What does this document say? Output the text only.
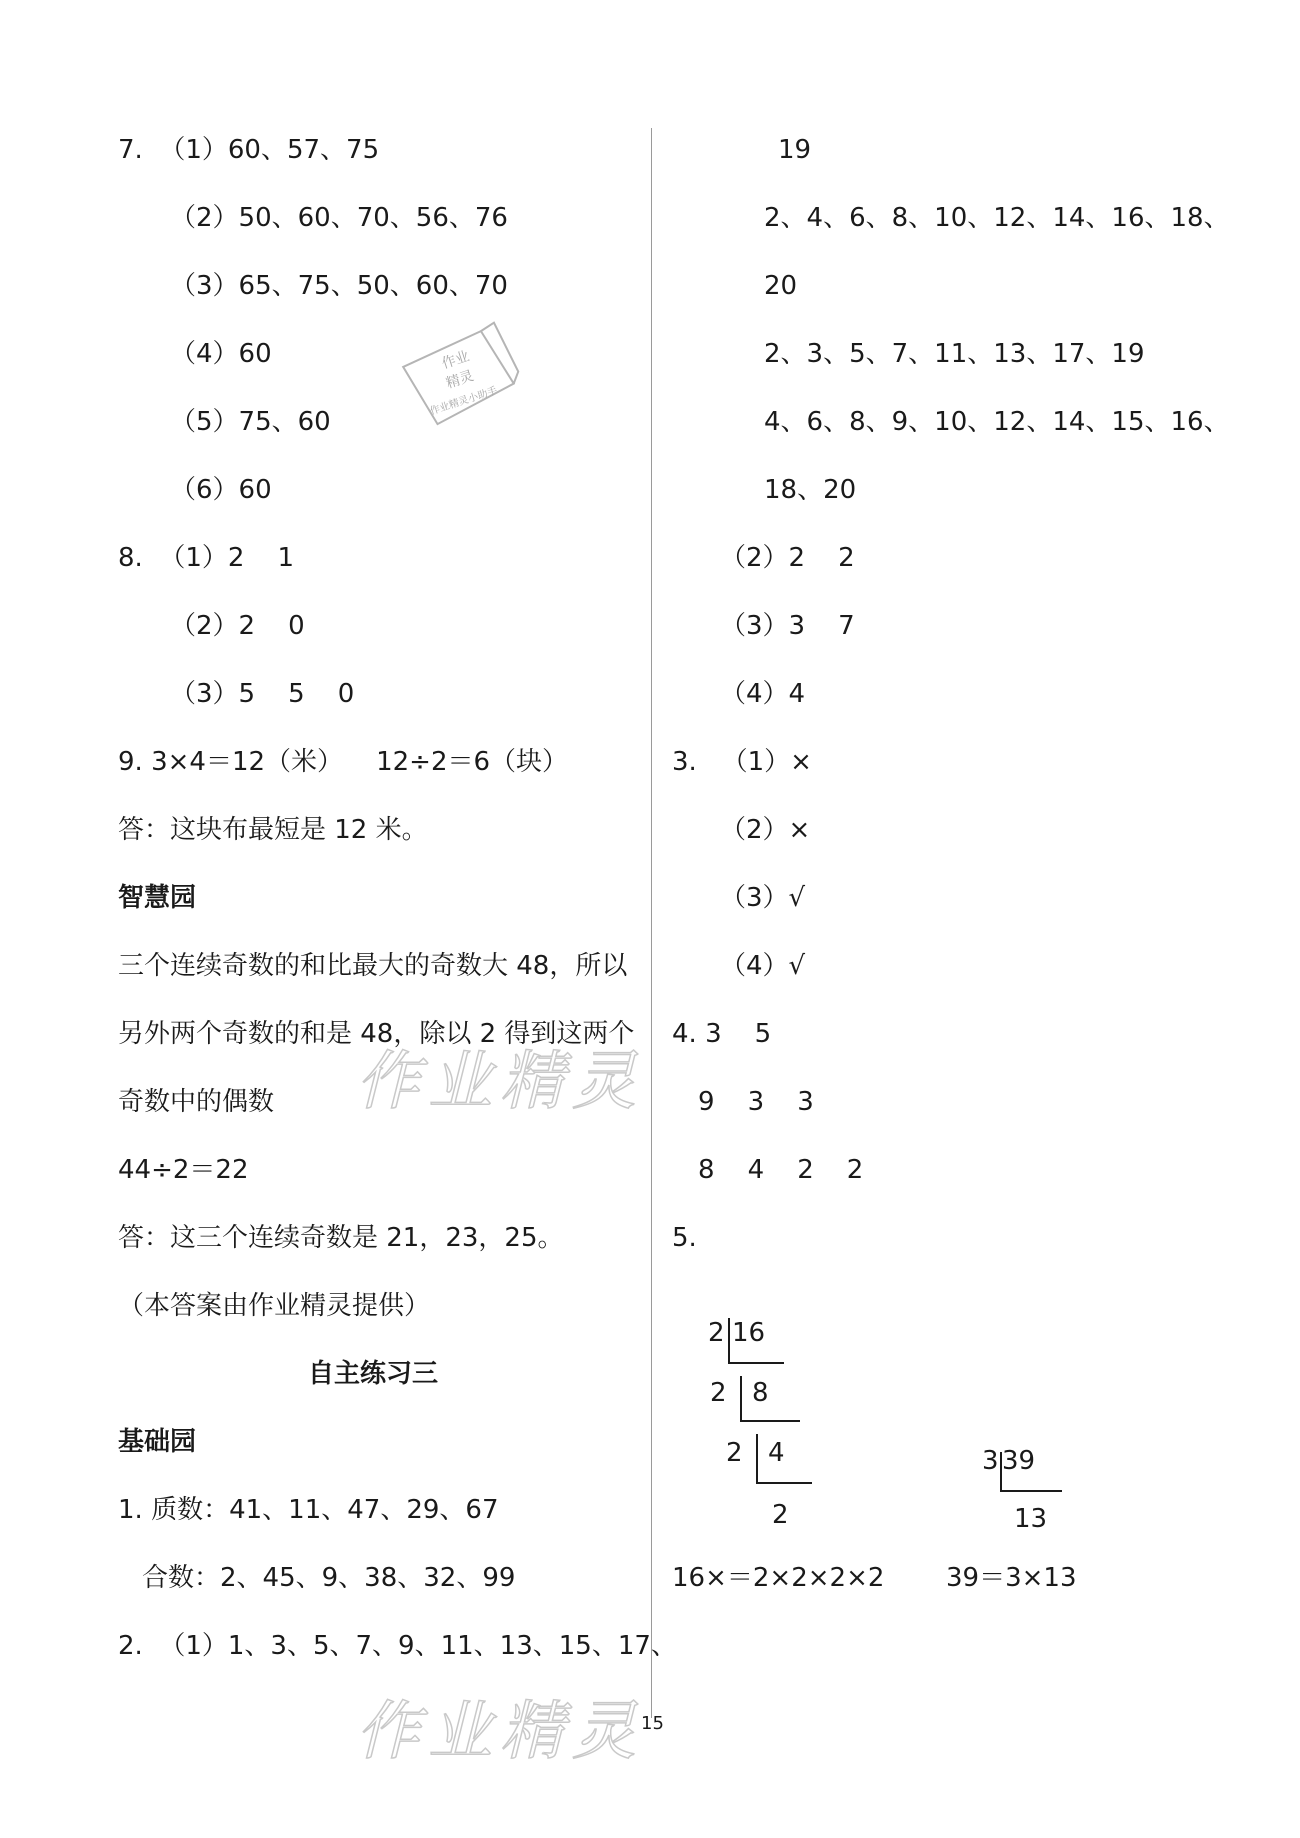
7.  （1）60、57、75
（2）50、60、70、56、76
（3）65、75、50、60、70
（4）60
（5）75、60
（6）60
8.  （1）2    1
（2）2    0
（3）5    5    0
9. 3×4＝12（米）    12÷2＝6（块）
答：这块布最短是 12 米。
智慧园
三个连续奇数的和比最大的奇数大 48，所以
另外两个奇数的和是 48，除以 2 得到这两个
奇数中的偶数
44÷2＝22
答：这三个连续奇数是 21，23，25。
（本答案由作业精灵提供）
自主练习三
基础园
1. 质数：41、11、47、29、67
合数：2、45、9、38、32、99
2.  （1）1、3、5、7、9、11、13、15、17、
19
2、4、6、8、10、12、14、16、18、
20
2、3、5、7、11、13、17、19
4、6、8、9、10、12、14、15、16、
18、20
（2）2    2
（3）3    7
（4）4
3.   （1）×
（2）×
（3）√
（4）√
4. 3    5
9    3    3
8    4    2    2
5.
16×＝2×2×2×2 39＝3×13
2 16
2 8
2 4
2
3 39
13
作业
精灵
作业精灵小助手
作业精灵
作业精灵
15
